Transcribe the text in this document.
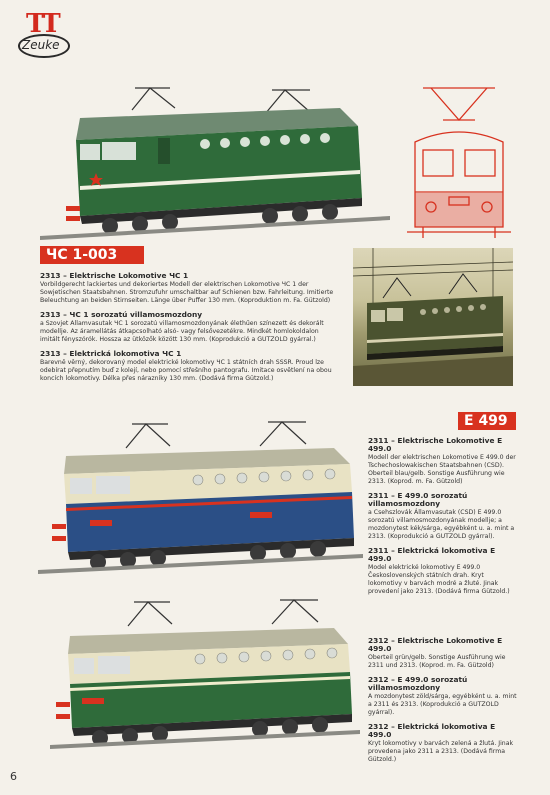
TT
Zeuke
ЧС 1-003
2313 – Elektrische Lokomotive ЧС 1

Vorbildgerecht lackiertes und dekoriertes Modell der elektrischen Lokomotive ЧС 1 der Sowjetischen Staatsbahnen. Stromzufuhr umschaltbar auf Schienen bzw. Fahrleitung. Imitierte Beleuchtung an beiden Stirnseiten. Länge über Puffer 130 mm. (Koproduktion m. Fa. Gützold)

2313 – ЧС 1 sorozatú villamosmozdony

a Szovjet Allamvasutak ЧС 1 sorozatú villamosmozdonyának élethűen színezett és dekorált modellje. Az áramellátás átkapcsolható alsó- vagy felsővezetékre. Mindkét homlokoldalon imitált fényszórók. Hossza az ütközők között 130 mm. (Koprodukció a GUTZOLD gyárral.)

2313 – Elektrická lokomotiva ЧС 1

Barevně věrný, dekorovaný model elektrické lokomotivy ЧС 1 státních drah SSSR. Proud lze odebírat přepnutím buď z kolejí, nebo pomocí střešního pantografu. Imitace osvětlení na obou koncích lokomotivy. Délka přes nárazníky 130 mm. (Dodává firma Gützold.)

E 499
2311 – Elektrische Lokomotive E 499.0

Modell der elektrischen Lokomotive E 499.0 der Tschechoslowakischen Staatsbahnen (CSD). Oberteil blau/gelb. Sonstige Ausführung wie 2313. (Koprod. m. Fa. Gützold)

2311 – E 499.0 sorozatú villamosmozdony

a Csehszlovák Államvasutak (CSD) E 499.0 sorozatú villamosmozdonyának modellje; a mozdonytest kék/sárga, egyébként u. a. mint a 2313. (Koprodukció a GUTZOLD gyárral).

2311 – Elektrická lokomotiva E 499.0

Model elektrické lokomotivy E 499.0 Československých státních drah. Kryt lokomotivy v barvách modré a žluté. Jinak provedení jako 2313. (Dodává firma Gützold.)

2312 – Elektrische Lokomotive E 499.0

Oberteil grün/gelb. Sonstige Ausführung wie 2311 und 2313. (Koprod. m. Fa. Gützold)

2312 – E 499.0 sorozatú villamosmozdony

A mozdonytest zöld/sárga, egyébként u. a. mint a 2311 és 2313. (Koprodukció a GUTZOLD gyárral).

2312 – Elektrická lokomotiva E 499.0

Kryt lokomotivy v barvách zelená a žlutá. Jinak provedena jako 2311 a 2313. (Dodává firma Gützold.)

6
